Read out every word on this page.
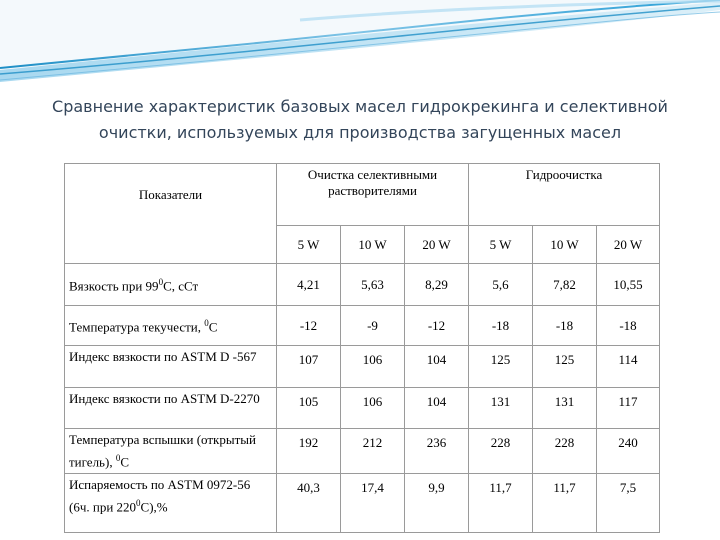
Сравнение характеристик базовых масел гидрокрекинга и селективной
очистки, используемых для производства загущенных масел
Показатели	Очистка селективными растворителями			Гидроочистка		
	5 W	10 W	20 W	5 W	10 W	20 W
Вязкость при $99^0С$, сСт	4,21	5,63	8,29	5,6	7,82	10,55
Температура текучести, $^0$С	-12	-9	-12	-18	-18	-18
Индекс вязкости по ASTM D -567	107	106	104	125	125	114
Индекс вязкости по ASTM D-2270	105	106	104	131	131	117
Температура вспышки (открытый тигель), $^0$С	192	212	236	228	228	240
Испаряемость по ASTM 0972-56 (6ч. при $220^0С),\%$	40,3	17,4	9,9	11,7	11,7	7,5
